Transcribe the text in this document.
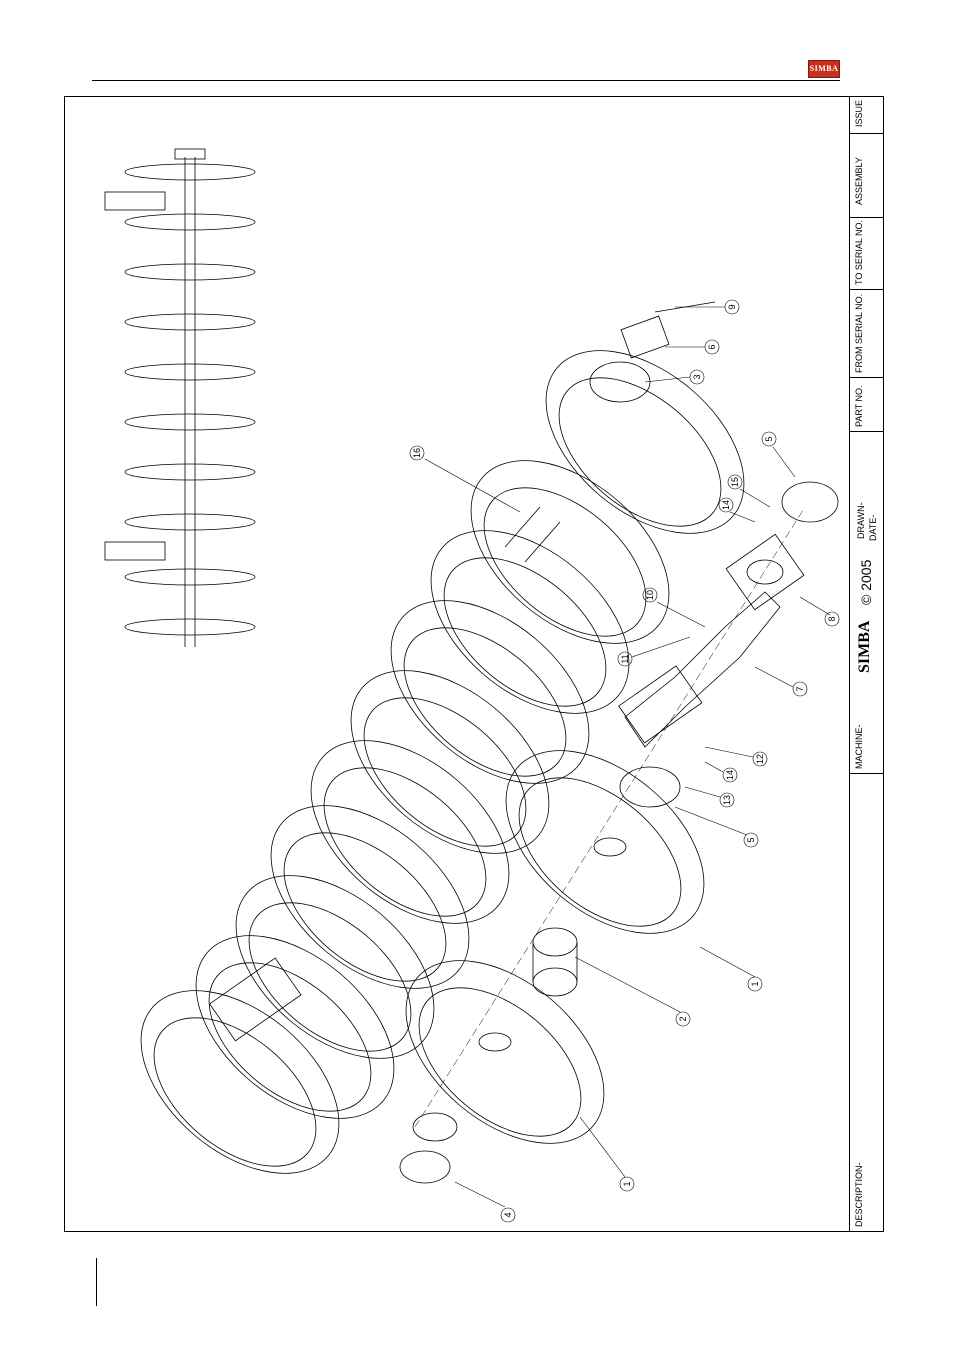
SIMBA
1
1
2
3
4
5
5
6
7
8
9
10
11
12
13
14
14
15
16
ISSUE
ASSEMBLY
TO SERIAL NO.
FROM SERIAL NO.
PART NO.
DRAWN- DATE-
MACHINE-
DESCRIPTION-
SIMBA
© 2005
